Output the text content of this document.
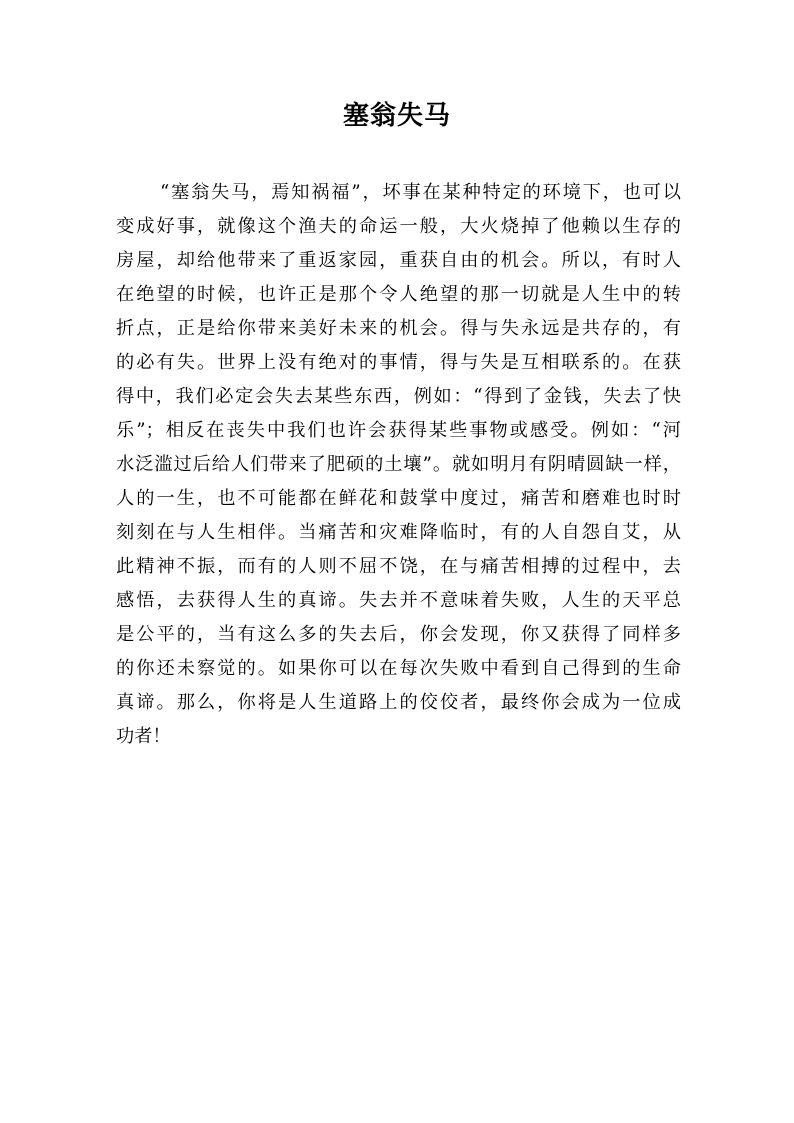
塞翁失马
“塞翁失马，焉知祸福”，坏事在某种特定的环境下，也可以
变成好事，就像这个渔夫的命运一般，大火烧掉了他赖以生存的
房屋，却给他带来了重返家园，重获自由的机会。所以，有时人
在绝望的时候，也许正是那个令人绝望的那一切就是人生中的转
折点，正是给你带来美好未来的机会。得与失永远是共存的，有
的必有失。世界上没有绝对的事情，得与失是互相联系的。在获
得中，我们必定会失去某些东西，例如：“得到了金钱，失去了快
乐”；相反在丧失中我们也许会获得某些事物或感受。例如：“河
水泛滥过后给人们带来了肥硕的土壤”。就如明月有阴晴圆缺一样，
人的一生，也不可能都在鲜花和鼓掌中度过，痛苦和磨难也时时
刻刻在与人生相伴。当痛苦和灾难降临时，有的人自怨自艾，从
此精神不振，而有的人则不屈不饶，在与痛苦相搏的过程中，去
感悟，去获得人生的真谛。失去并不意味着失败，人生的天平总
是公平的，当有这么多的失去后，你会发现，你又获得了同样多
的你还未察觉的。如果你可以在每次失败中看到自己得到的生命
真谛。那么，你将是人生道路上的佼佼者，最终你会成为一位成
功者！
